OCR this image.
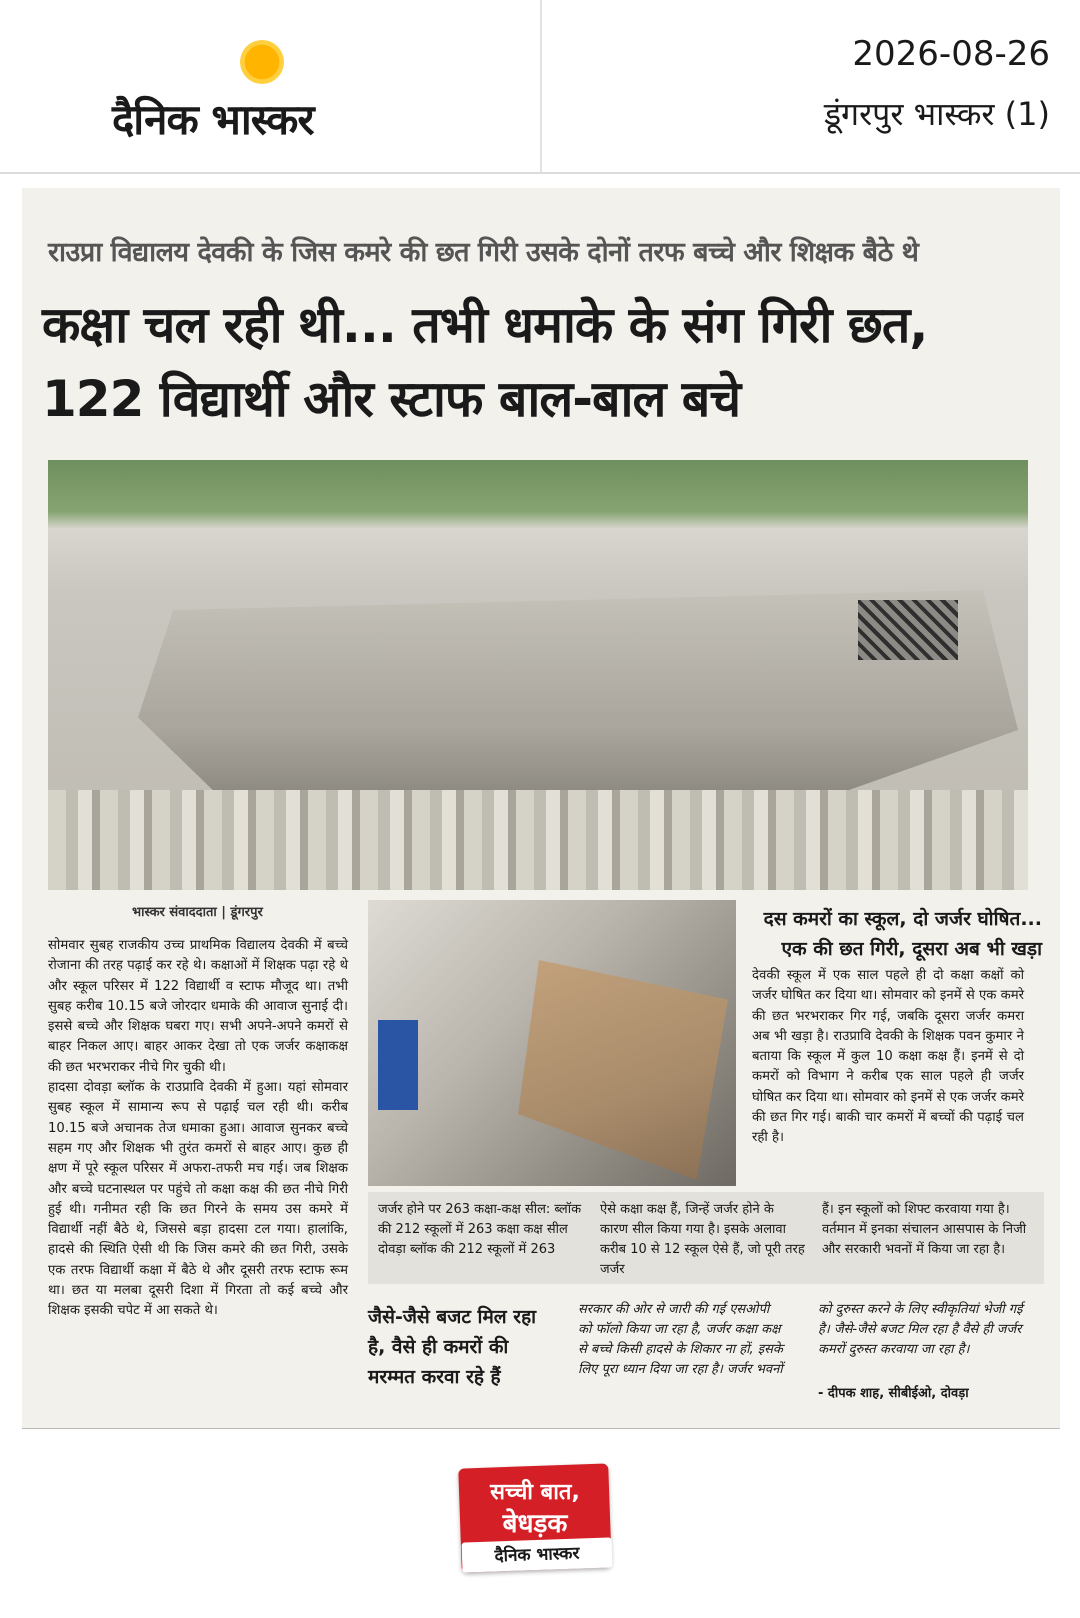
दैनिक भास्कर
2026-08-26
डूंगरपुर भास्कर (1)
राउप्रा विद्यालय देवकी के जिस कमरे की छत गिरी उसके दोनों तरफ बच्चे और शिक्षक बैठे थे
कक्षा चल रही थी... तभी धमाके के संग गिरी छत, 122 विद्यार्थी और स्टाफ बाल-बाल बचे
भास्कर संवाददाता | डूंगरपुर

सोमवार सुबह राजकीय उच्च प्राथमिक विद्यालय देवकी में बच्चे रोजाना की तरह पढ़ाई कर रहे थे। कक्षाओं में शिक्षक पढ़ा रहे थे और स्कूल परिसर में 122 विद्यार्थी व स्टाफ मौजूद था। तभी सुबह करीब 10.15 बजे जोरदार धमाके की आवाज सुनाई दी। इससे बच्चे और शिक्षक घबरा गए। सभी अपने-अपने कमरों से बाहर निकल आए। बाहर आकर देखा तो एक जर्जर कक्षाकक्ष की छत भरभराकर नीचे गिर चुकी थी।

हादसा दोवड़ा ब्लॉक के राउप्रावि देवकी में हुआ। यहां सोमवार सुबह स्कूल में सामान्य रूप से पढ़ाई चल रही थी। करीब 10.15 बजे अचानक तेज धमाका हुआ। आवाज सुनकर बच्चे सहम गए और शिक्षक भी तुरंत कमरों से बाहर आए। कुछ ही क्षण में पूरे स्कूल परिसर में अफरा-तफरी मच गई। जब शिक्षक और बच्चे घटनास्थल पर पहुंचे तो कक्षा कक्ष की छत नीचे गिरी हुई थी। गनीमत रही कि छत गिरने के समय उस कमरे में विद्यार्थी नहीं बैठे थे, जिससे बड़ा हादसा टल गया। हालांकि, हादसे की स्थिति ऐसी थी कि जिस कमरे की छत गिरी, उसके एक तरफ विद्यार्थी कक्षा में बैठे थे और दूसरी तरफ स्टाफ रूम था। छत या मलबा दूसरी दिशा में गिरता तो कई बच्चे और शिक्षक इसकी चपेट में आ सकते थे।

दस कमरों का स्कूल, दो जर्जर घोषित... एक की छत गिरी, दूसरा अब भी खड़ा
देवकी स्कूल में एक साल पहले ही दो कक्षा कक्षों को जर्जर घोषित कर दिया था। सोमवार को इनमें से एक कमरे की छत भरभराकर गिर गई, जबकि दूसरा जर्जर कमरा अब भी खड़ा है। राउप्रावि देवकी के शिक्षक पवन कुमार ने बताया कि स्कूल में कुल 10 कक्षा कक्ष हैं। इनमें से दो कमरों को विभाग ने करीब एक साल पहले ही जर्जर घोषित कर दिया था। सोमवार को इनमें से एक जर्जर कमरे की छत गिर गई। बाकी चार कमरों में बच्चों की पढ़ाई चल रही है।
जर्जर होने पर 263 कक्षा-कक्ष सील: ब्लॉक की 212 स्कूलों में 263 कक्षा कक्ष सील दोवड़ा ब्लॉक की 212 स्कूलों में 263
ऐसे कक्षा कक्ष हैं, जिन्हें जर्जर होने के कारण सील किया गया है। इसके अलावा करीब 10 से 12 स्कूल ऐसे हैं, जो पूरी तरह जर्जर
हैं। इन स्कूलों को शिफ्ट करवाया गया है। वर्तमान में इनका संचालन आसपास के निजी और सरकारी भवनों में किया जा रहा है।
जैसे-जैसे बजट मिल रहा है, वैसे ही कमरों की मरम्मत करवा रहे हैं
सरकार की ओर से जारी की गई एसओपी को फॉलो किया जा रहा है, जर्जर कक्षा कक्ष से बच्चे किसी हादसे के शिकार ना हों, इसके लिए पूरा ध्यान दिया जा रहा है। जर्जर भवनों
को दुरुस्त करने के लिए स्वीकृतियां भेजी गई है। जैसे-जैसे बजट मिल रहा है वैसे ही जर्जर कमरों दुरुस्त करवाया जा रहा है।
- दीपक शाह, सीबीईओ, दोवड़ा
सच्ची बात,
बेधड़क
दैनिक भास्कर
